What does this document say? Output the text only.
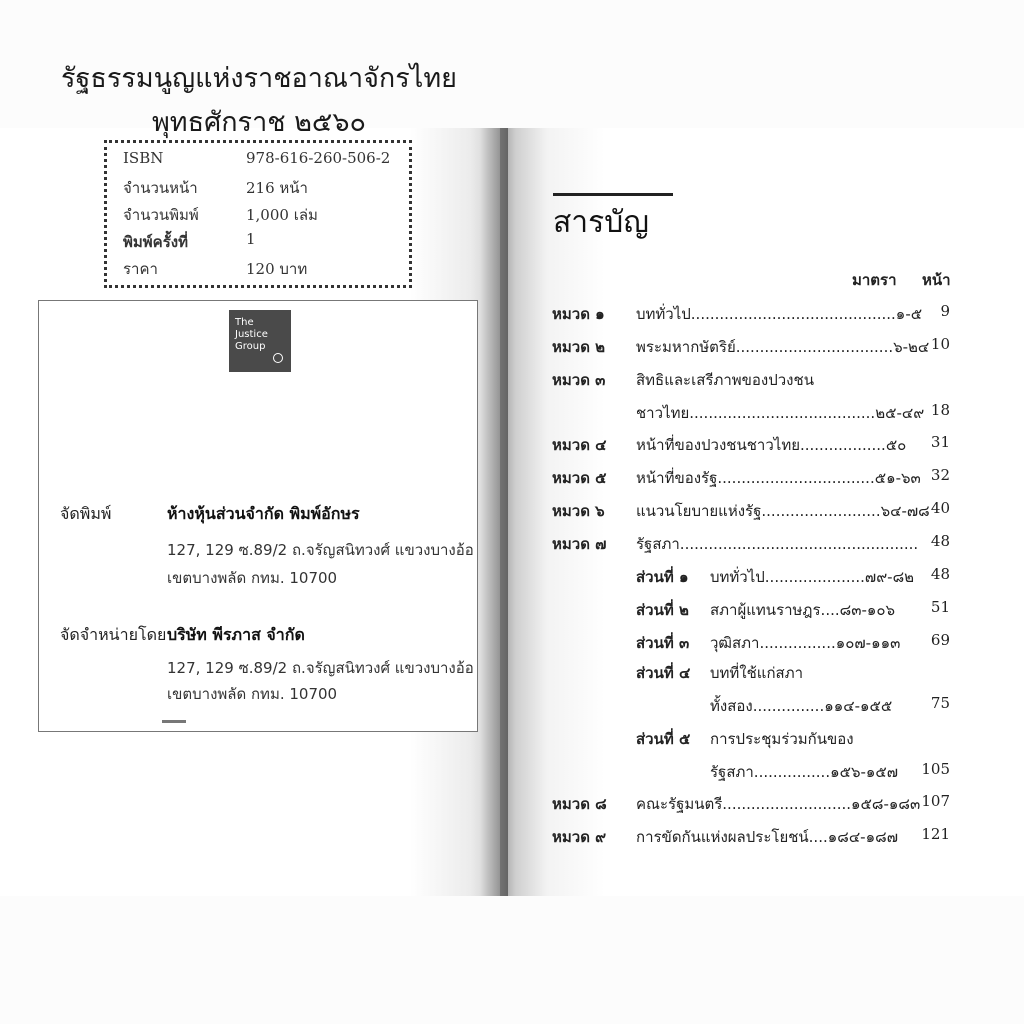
รัฐธรรมนูญแห่งราชอาณาจักรไทย
พุทธศักราช ๒๕๖๐
ISBN	978-616-260-506-2
จำนวนหน้า	216 หน้า
จำนวนพิมพ์	1,000 เล่ม
พิมพ์ครั้งที่	1
ราคา	120 บาท
The
Justice
Group
จัดพิมพ์	ห้างหุ้นส่วนจำกัด พิมพ์อักษร
127, 129 ซ.89/2 ถ.จรัญสนิทวงศ์ แขวงบางอ้อ
เขตบางพลัด กทม. 10700
จัดจำหน่ายโดย บริษัท พีรภาส จำกัด
127, 129 ซ.89/2 ถ.จรัญสนิทวงศ์ แขวงบางอ้อ
เขตบางพลัด กทม. 10700
สารบัญ
มาตรา หน้า
หมวด ๑ บททั่วไป...........................................๑-๕ 9
หมวด ๒ พระมหากษัตริย์.................................๖-๒๔ 10
หมวด ๓ สิทธิและเสรีภาพของปวงชน
ชาวไทย.......................................๒๕-๔๙ 18
หมวด ๔ หน้าที่ของปวงชนชาวไทย..................๕๐ 31
หมวด ๕ หน้าที่ของรัฐ.................................๕๑-๖๓ 32
หมวด ๖ แนวนโยบายแห่งรัฐ.........................๖๔-๗๘ 40
หมวด ๗ รัฐสภา.................................................. 48
ส่วนที่ ๑ บททั่วไป.....................๗๙-๘๒ 48
ส่วนที่ ๒ สภาผู้แทนราษฎร....๘๓-๑๐๖ 51
ส่วนที่ ๓ วุฒิสภา................๑๐๗-๑๑๓ 69
ส่วนที่ ๔ บทที่ใช้แก่สภา
ทั้งสอง...............๑๑๔-๑๕๕	75
ส่วนที่ ๕ การประชุมร่วมกันของ
รัฐสภา................๑๕๖-๑๕๗ 105
หมวด ๘ คณะรัฐมนตรี...........................๑๕๘-๑๘๓ 107
หมวด ๙ การขัดกันแห่งผลประโยชน์....๑๘๔-๑๘๗ 121
